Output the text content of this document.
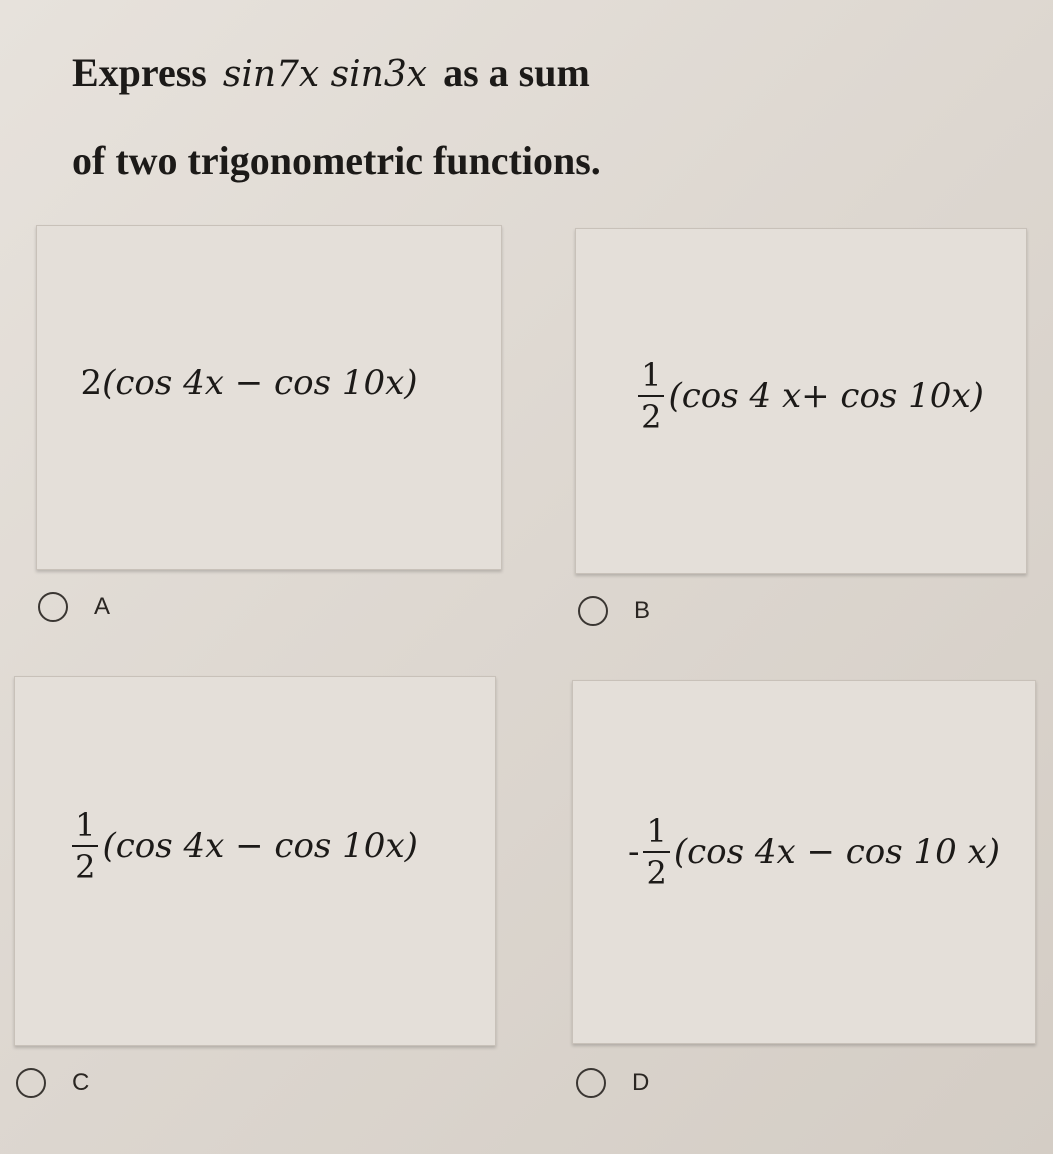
Express sin7x sin3x as a sum
of two trigonometric functions.
2 (cos 4x − cos 10x)	$\frac{1}{2} (\cos$ 4 x+ cos 10x)
A	B
$\frac{1}{2} (\cos$ 4x − cos 10x)	- $\frac{1}{2} (\cos$ 4x − cos 10 x)
C	D
